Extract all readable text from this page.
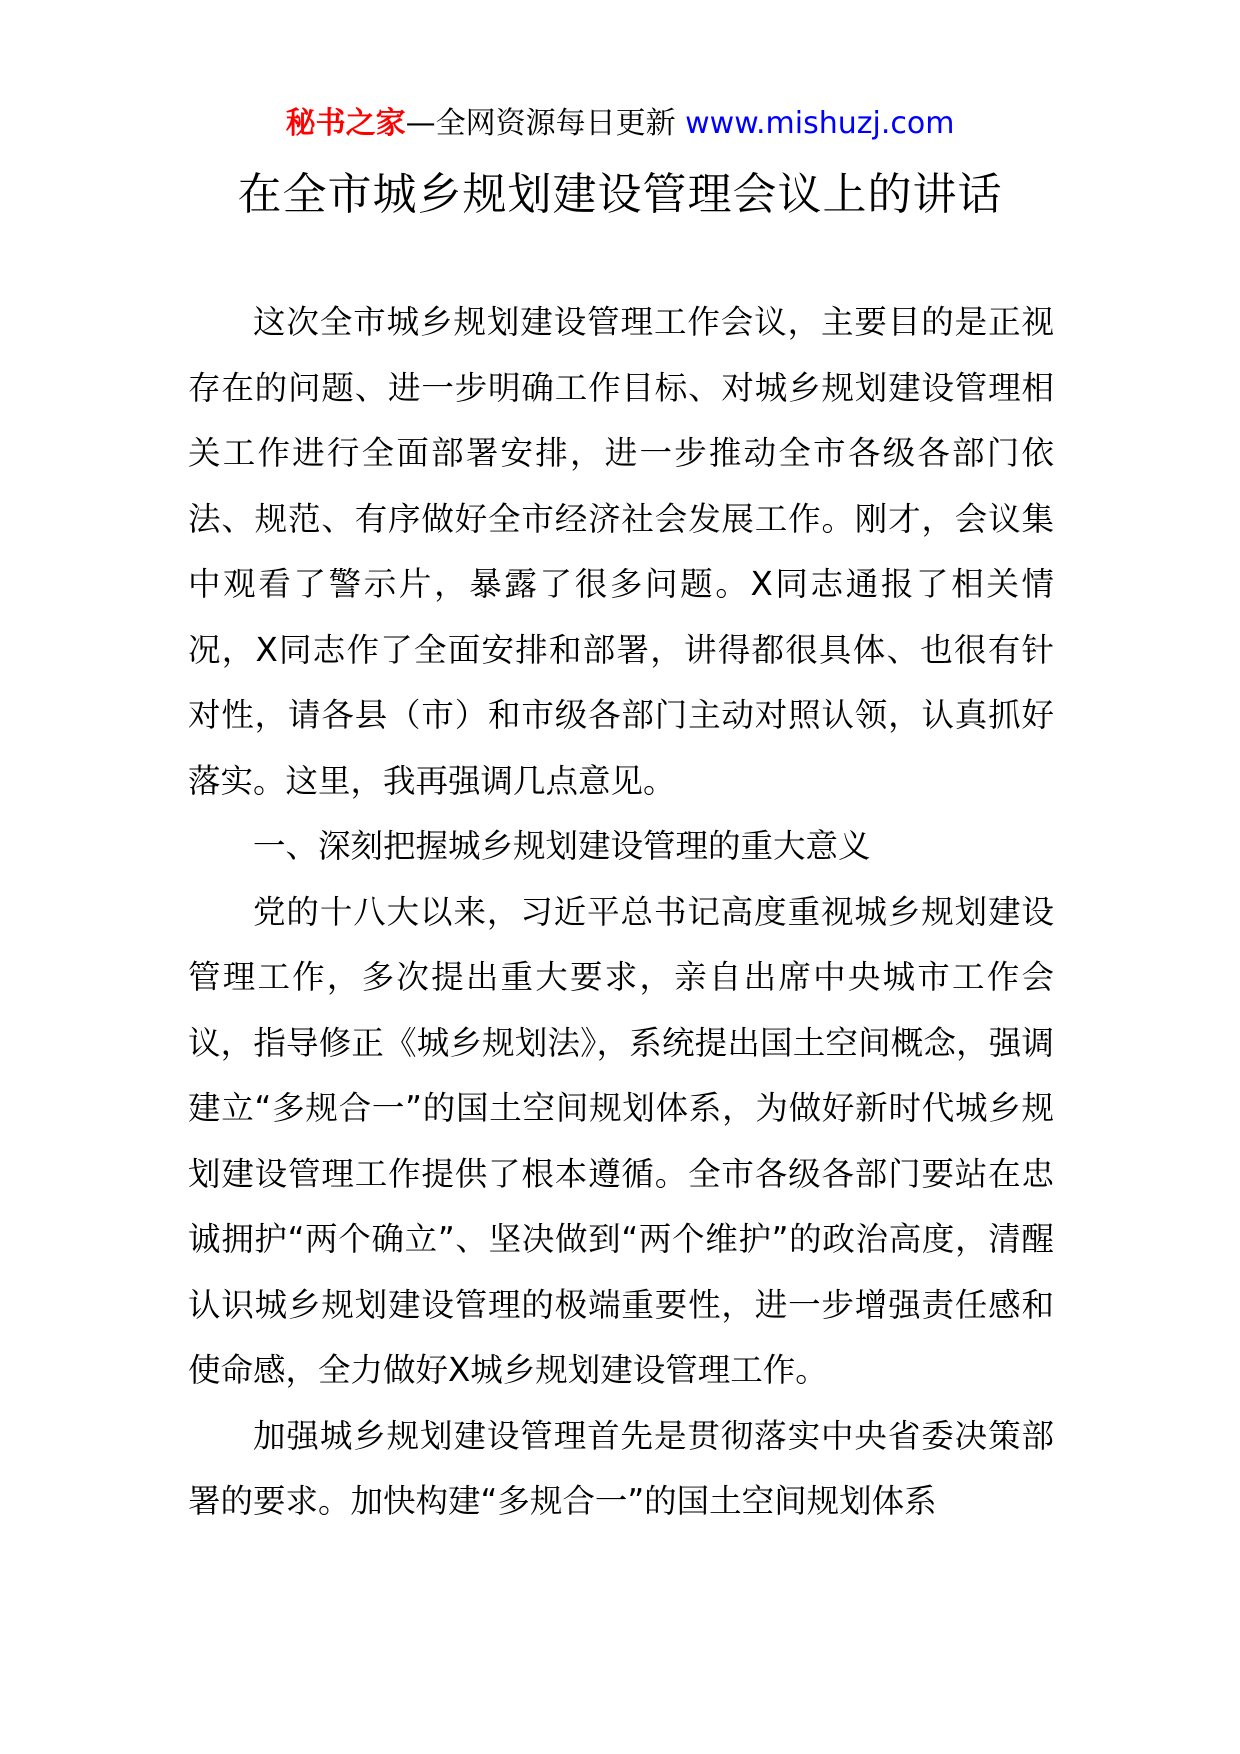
秘书之家—全网资源每日更新 www.mishuzj.com
在全市城乡规划建设管理会议上的讲话

这次全市城乡规划建设管理工作会议，主要目的是正视存在的问题、进一步明确工作目标、对城乡规划建设管理相关工作进行全面部署安排，进一步推动全市各级各部门依法、规范、有序做好全市经济社会发展工作。刚才，会议集中观看了警示片，暴露了很多问题。X同志通报了相关情况，X同志作了全面安排和部署，讲得都很具体、也很有针对性，请各县（市）和市级各部门主动对照认领，认真抓好落实。这里，我再强调几点意见。

一、深刻把握城乡规划建设管理的重大意义

党的十八大以来，习近平总书记高度重视城乡规划建设管理工作，多次提出重大要求，亲自出席中央城市工作会议，指导修正《城乡规划法》，系统提出国土空间概念，强调建立“多规合一”的国土空间规划体系，为做好新时代城乡规划建设管理工作提供了根本遵循。全市各级各部门要站在忠诚拥护“两个确立”、坚决做到“两个维护”的政治高度，清醒认识城乡规划建设管理的极端重要性，进一步增强责任感和使命感，全力做好X城乡规划建设管理工作。

加强城乡规划建设管理首先是贯彻落实中央省委决策部署的要求。加快构建“多规合一”的国土空间规划体系
